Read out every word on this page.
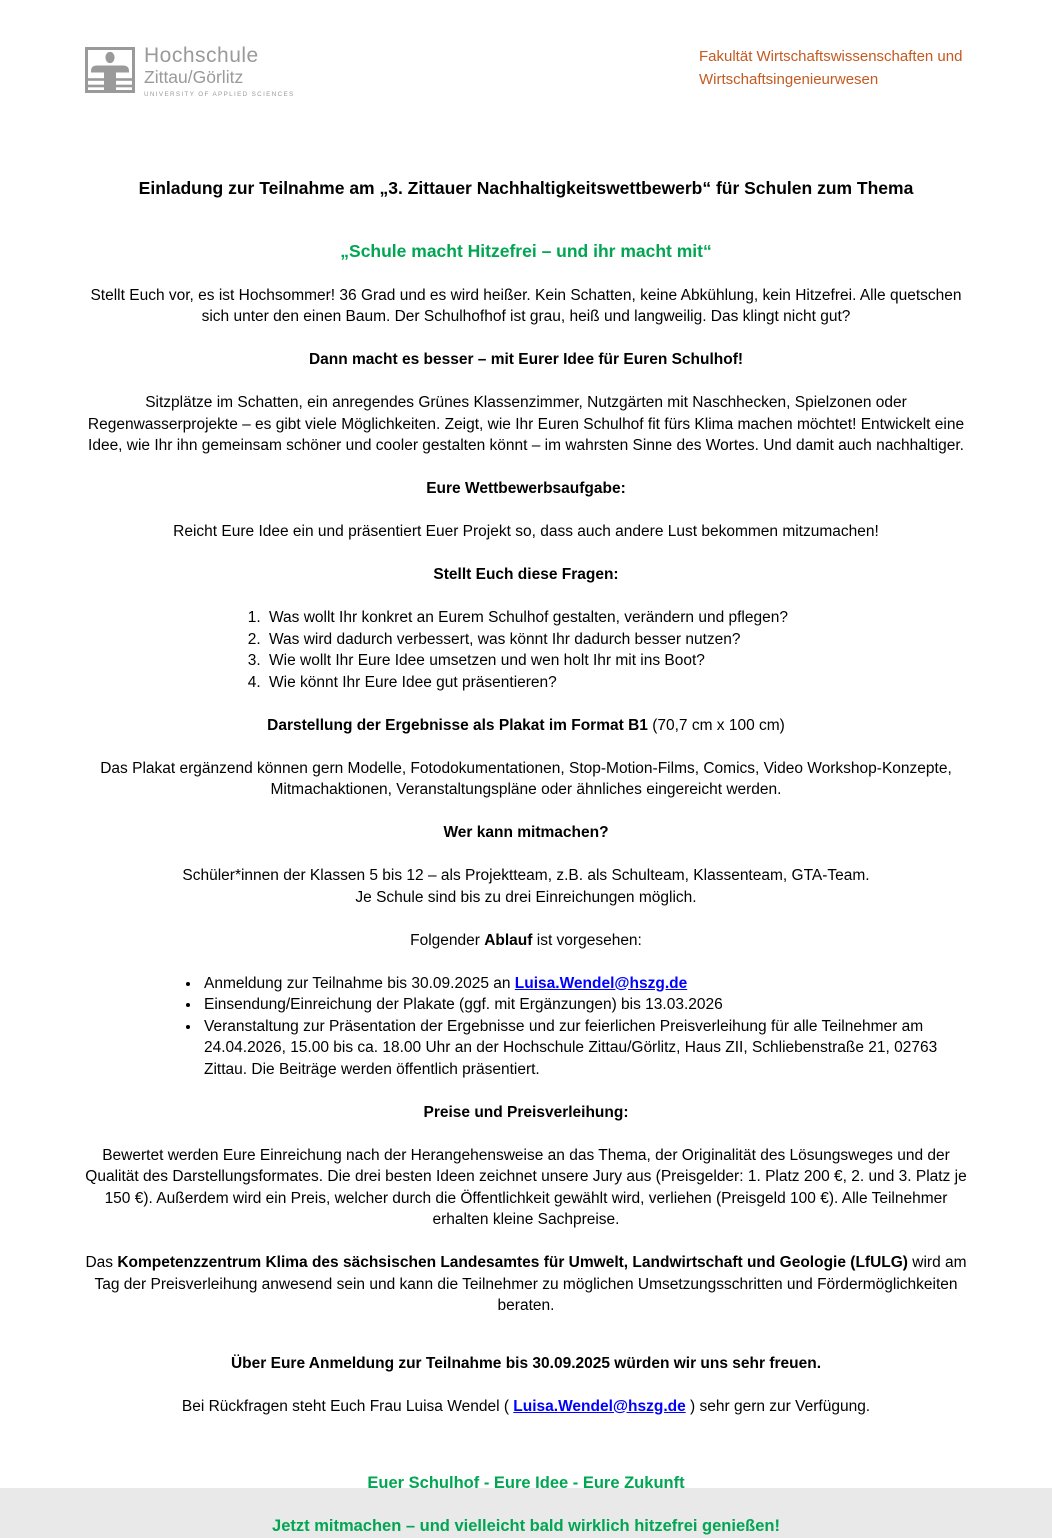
Hochschule
Zittau/Görlitz
UNIVERSITY OF APPLIED SCIENCES
Fakultät Wirtschaftswissenschaften und Wirtschaftsingenieurwesen
Einladung zur Teilnahme am „3. Zittauer Nachhaltigkeitswettbewerb“ für Schulen zum Thema
„Schule macht Hitzefrei – und ihr macht mit“

Stellt Euch vor, es ist Hochsommer! 36 Grad und es wird heißer. Kein Schatten, keine Abkühlung, kein Hitzefrei. Alle quetschen sich unter den einen Baum. Der Schulhofhof ist grau, heiß und langweilig. Das klingt nicht gut?

Dann macht es besser – mit Eurer Idee für Euren Schulhof!

Sitzplätze im Schatten, ein anregendes Grünes Klassenzimmer, Nutzgärten mit Naschhecken, Spielzonen oder Regenwasserprojekte – es gibt viele Möglichkeiten. Zeigt, wie Ihr Euren Schulhof fit fürs Klima machen möchtet! Entwickelt eine Idee, wie Ihr ihn gemeinsam schöner und cooler gestalten könnt – im wahrsten Sinne des Wortes. Und damit auch nachhaltiger.

Eure Wettbewerbsaufgabe:

Reicht Eure Idee ein und präsentiert Euer Projekt so, dass auch andere Lust bekommen mitzumachen!

Stellt Euch diese Fragen:

1. Was wollt Ihr konkret an Eurem Schulhof gestalten, verändern und pflegen?
2. Was wird dadurch verbessert, was könnt Ihr dadurch besser nutzen?
3. Wie wollt Ihr Eure Idee umsetzen und wen holt Ihr mit ins Boot?
4. Wie könnt Ihr Eure Idee gut präsentieren?

Darstellung der Ergebnisse als Plakat im Format B1 (70,7 cm x 100 cm)

Das Plakat ergänzend können gern Modelle, Fotodokumentationen, Stop-Motion-Films, Comics, Video Workshop-Konzepte, Mitmachaktionen, Veranstaltungspläne oder ähnliches eingereicht werden.

Wer kann mitmachen?

Schüler*innen der Klassen 5 bis 12 – als Projektteam, z.B. als Schulteam, Klassenteam, GTA-Team.
Je Schule sind bis zu drei Einreichungen möglich.

Folgender Ablauf ist vorgesehen:

• Anmeldung zur Teilnahme bis 30.09.2025 an Luisa.Wendel@hszg.de
• Einsendung/Einreichung der Plakate (ggf. mit Ergänzungen) bis 13.03.2026
• Veranstaltung zur Präsentation der Ergebnisse und zur feierlichen Preisverleihung für alle Teilnehmer am 24.04.2026, 15.00 bis ca. 18.00 Uhr an der Hochschule Zittau/Görlitz, Haus ZII, Schliebenstraße 21, 02763 Zittau. Die Beiträge werden öffentlich präsentiert.

Preise und Preisverleihung:

Bewertet werden Eure Einreichung nach der Herangehensweise an das Thema, der Originalität des Lösungsweges und der Qualität des Darstellungsformates. Die drei besten Ideen zeichnet unsere Jury aus (Preisgelder: 1. Platz 200 €, 2. und 3. Platz je 150 €). Außerdem wird ein Preis, welcher durch die Öffentlichkeit gewählt wird, verliehen (Preisgeld 100 €). Alle Teilnehmer erhalten kleine Sachpreise.

Das Kompetenzzentrum Klima des sächsischen Landesamtes für Umwelt, Landwirtschaft und Geologie (LfULG) wird am Tag der Preisverleihung anwesend sein und kann die Teilnehmer zu möglichen Umsetzungsschritten und Fördermöglichkeiten beraten.

Über Eure Anmeldung zur Teilnahme bis 30.09.2025 würden wir uns sehr freuen.

Bei Rückfragen steht Euch Frau Luisa Wendel ( Luisa.Wendel@hszg.de ) sehr gern zur Verfügung.

Euer Schulhof - Eure Idee - Eure Zukunft

Jetzt mitmachen – und vielleicht bald wirklich hitzefrei genießen!
